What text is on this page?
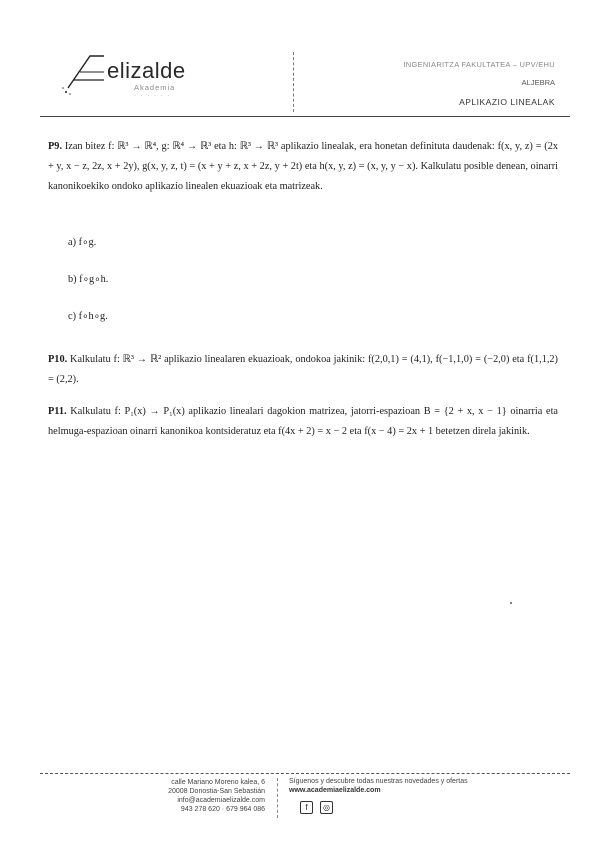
elizalde
Akademia
· · · · · ·
INGENIARITZA FAKULTATEA – UPV/EHU
ALJEBRA
APLIKAZIO LINEALAK
P9. Izan bitez f: ℝ³ → ℝ⁴, g: ℝ⁴ → ℝ³ eta h: ℝ³ → ℝ³ aplikazio linealak, era honetan definituta daudenak: f(x, y, z) = (2x + y, x − z, 2z, x + 2y), g(x, y, z, t) = (x + y + z, x + 2z, y + 2t) eta h(x, y, z) = (x, y, y − x). Kalkulatu posible denean, oinarri kanonikoekiko ondoko aplikazio linealen ekuazioak eta matrizeak.
a) f∘g.
b) f∘g∘h.
c) f∘h∘g.
P10. Kalkulatu f: ℝ³ → ℝ² aplikazio linealaren ekuazioak, ondokoa jakinik: f(2,0,1) = (4,1), f(−1,1,0) = (−2,0) eta f(1,1,2) = (2,2).
P11. Kalkulatu f: P₁(x) → P₁(x) aplikazio linealari dagokion matrizea, jatorri-espazioan B = {2 + x, x − 1} oinarria eta helmuga-espazioan oinarri kanonikoa kontsideratuz eta f(4x + 2) = x − 2 eta f(x − 4) = 2x + 1 betetzen direla jakinik.
calle Mariano Moreno kalea, 6
20008 Donostia-San Sebastián
info@academiaelizalde.com
943 278 620 · 679 964 086
Síguenos y descubre todas nuestras novedades y ofertas
www.academiaelizalde.com
f ◎
